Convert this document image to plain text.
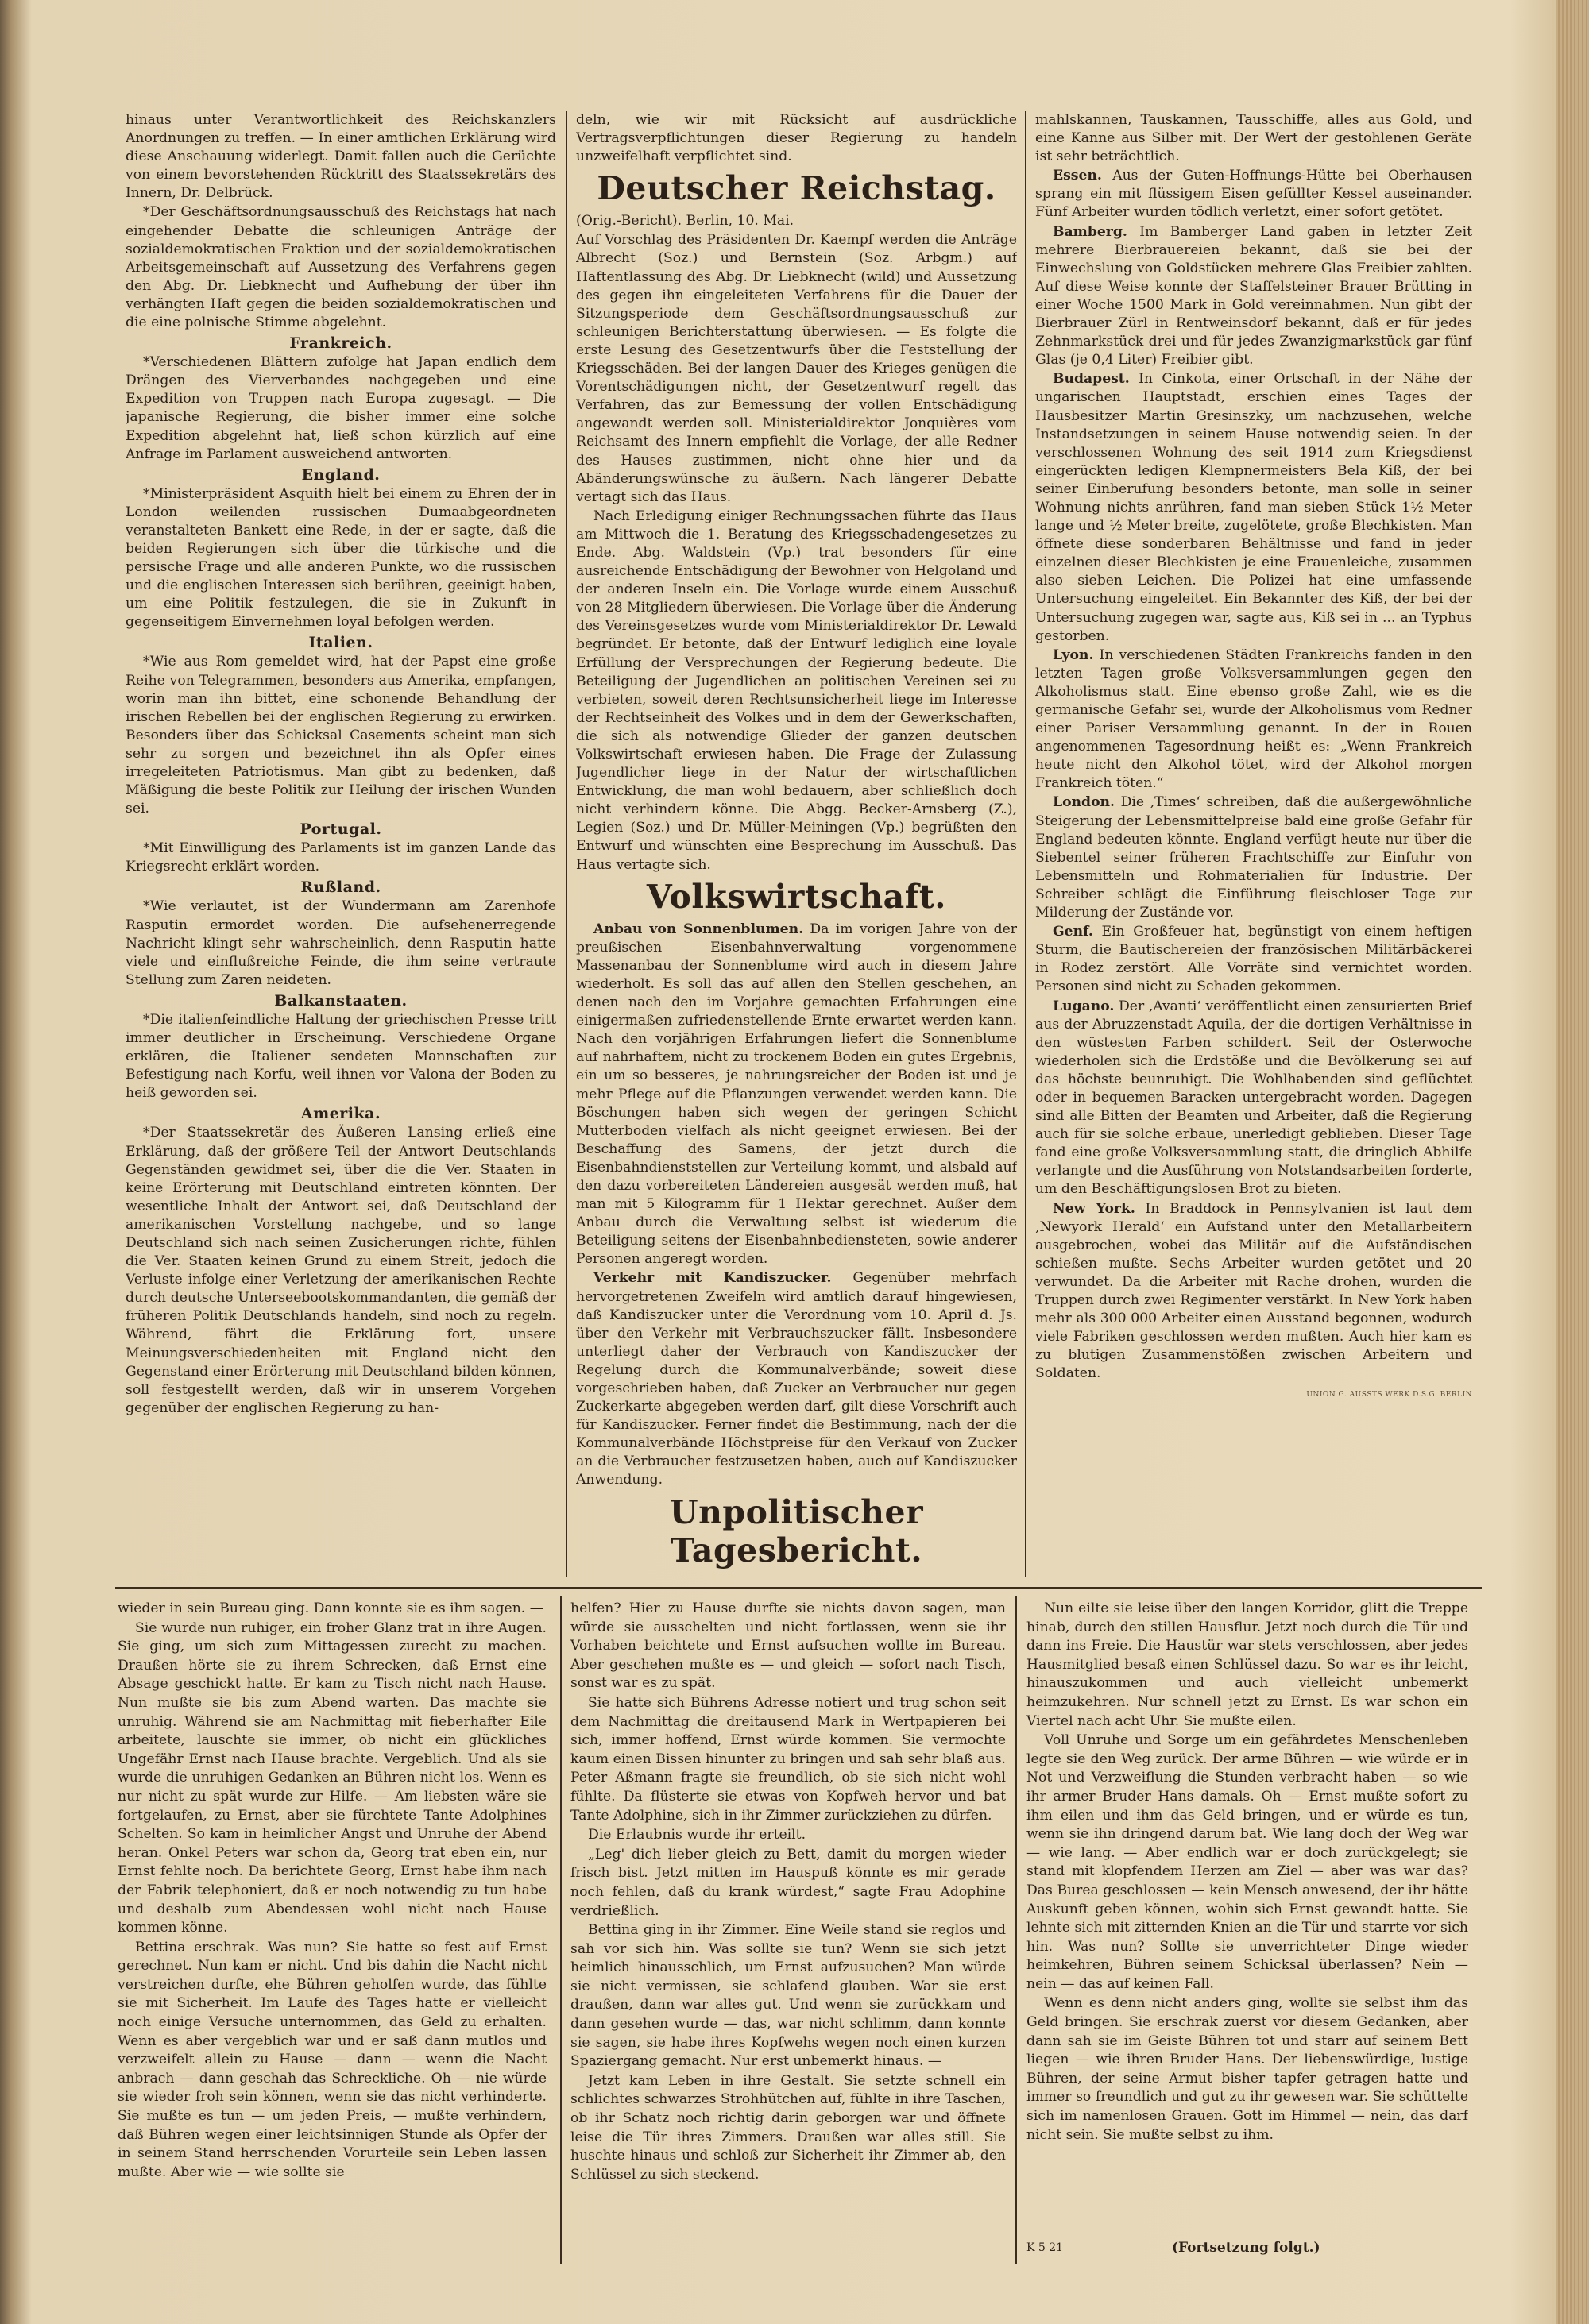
hinaus unter Verantwortlichkeit des Reichskanzlers Anordnungen zu treffen. — In einer amtlichen Erklärung wird diese Anschauung widerlegt. Damit fallen auch die Gerüchte von einem bevorstehenden Rücktritt des Staatssekretärs des Innern, Dr. Delbrück.

*Der Geschäftsordnungsausschuß des Reichstags hat nach eingehender Debatte die schleunigen Anträge der sozialdemokratischen Fraktion und der sozialdemokratischen Arbeitsgemeinschaft auf Aussetzung des Verfahrens gegen den Abg. Dr. Liebknecht und Aufhebung der über ihn verhängten Haft gegen die beiden sozialdemokratischen und die eine polnische Stimme abgelehnt.

Frankreich.

*Verschiedenen Blättern zufolge hat Japan endlich dem Drängen des Vierverbandes nachgegeben und eine Expedition von Truppen nach Europa zugesagt. — Die japanische Regierung, die bisher immer eine solche Expedition abgelehnt hat, ließ schon kürzlich auf eine Anfrage im Parlament ausweichend antworten.

England.

*Ministerpräsident Asquith hielt bei einem zu Ehren der in London weilenden russischen Dumaabgeordneten veranstalteten Bankett eine Rede, in der er sagte, daß die beiden Regierungen sich über die türkische und die persische Frage und alle anderen Punkte, wo die russischen und die englischen Interessen sich berühren, geeinigt haben, um eine Politik festzulegen, die sie in Zukunft in gegenseitigem Einvernehmen loyal befolgen werden.

Italien.

*Wie aus Rom gemeldet wird, hat der Papst eine große Reihe von Telegrammen, besonders aus Amerika, empfangen, worin man ihn bittet, eine schonende Behandlung der irischen Rebellen bei der englischen Regierung zu erwirken. Besonders über das Schicksal Casements scheint man sich sehr zu sorgen und bezeichnet ihn als Opfer eines irregeleiteten Patriotismus. Man gibt zu bedenken, daß Mäßigung die beste Politik zur Heilung der irischen Wunden sei.

Portugal.

*Mit Einwilligung des Parlaments ist im ganzen Lande das Kriegsrecht erklärt worden.

Rußland.

*Wie verlautet, ist der Wundermann am Zarenhofe Rasputin ermordet worden. Die aufsehenerregende Nachricht klingt sehr wahrscheinlich, denn Rasputin hatte viele und einflußreiche Feinde, die ihm seine vertraute Stellung zum Zaren neideten.

Balkanstaaten.

*Die italienfeindliche Haltung der griechischen Presse tritt immer deutlicher in Erscheinung. Verschiedene Organe erklären, die Italiener sendeten Mannschaften zur Befestigung nach Korfu, weil ihnen vor Valona der Boden zu heiß geworden sei.

Amerika.

*Der Staatssekretär des Äußeren Lansing erließ eine Erklärung, daß der größere Teil der Antwort Deutschlands Gegenständen gewidmet sei, über die die Ver. Staaten in keine Erörterung mit Deutschland eintreten könnten. Der wesentliche Inhalt der Antwort sei, daß Deutschland der amerikanischen Vorstellung nachgebe, und so lange Deutschland sich nach seinen Zusicherungen richte, fühlen die Ver. Staaten keinen Grund zu einem Streit, jedoch die Verluste infolge einer Verletzung der amerikanischen Rechte durch deutsche Unterseebootskommandanten, die gemäß der früheren Politik Deutschlands handeln, sind noch zu regeln. Während, fährt die Erklärung fort, unsere Meinungsverschiedenheiten mit England nicht den Gegenstand einer Erörterung mit Deutschland bilden können, soll festgestellt werden, daß wir in unserem Vorgehen gegenüber der englischen Regierung zu han-

deln, wie wir mit Rücksicht auf ausdrückliche Vertragsverpflichtungen dieser Regierung zu handeln unzweifelhaft verpflichtet sind.

Deutscher Reichstag.

(Orig.-Bericht). Berlin, 10. Mai.

Auf Vorschlag des Präsidenten Dr. Kaempf werden die Anträge Albrecht (Soz.) und Bernstein (Soz. Arbgm.) auf Haftentlassung des Abg. Dr. Liebknecht (wild) und Aussetzung des gegen ihn eingeleiteten Verfahrens für die Dauer der Sitzungsperiode dem Geschäftsordnungsausschuß zur schleunigen Berichterstattung überwiesen. — Es folgte die erste Lesung des Gesetzentwurfs über die Feststellung der Kriegsschäden. Bei der langen Dauer des Krieges genügen die Vorentschädigungen nicht, der Gesetzentwurf regelt das Verfahren, das zur Bemessung der vollen Entschädigung angewandt werden soll. Ministerialdirektor Jonquières vom Reichsamt des Innern empfiehlt die Vorlage, der alle Redner des Hauses zustimmen, nicht ohne hier und da Abänderungswünsche zu äußern. Nach längerer Debatte vertagt sich das Haus.

Nach Erledigung einiger Rechnungssachen führte das Haus am Mittwoch die 1. Beratung des Kriegsschadengesetzes zu Ende. Abg. Waldstein (Vp.) trat besonders für eine ausreichende Entschädigung der Bewohner von Helgoland und der anderen Inseln ein. Die Vorlage wurde einem Ausschuß von 28 Mitgliedern überwiesen. Die Vorlage über die Änderung des Vereinsgesetzes wurde vom Ministerialdirektor Dr. Lewald begründet. Er betonte, daß der Entwurf lediglich eine loyale Erfüllung der Versprechungen der Regierung bedeute. Die Beteiligung der Jugendlichen an politischen Vereinen sei zu verbieten, soweit deren Rechtsunsicherheit liege im Interesse der Rechtseinheit des Volkes und in dem der Gewerkschaften, die sich als notwendige Glieder der ganzen deutschen Volkswirtschaft erwiesen haben. Die Frage der Zulassung Jugendlicher liege in der Natur der wirtschaftlichen Entwicklung, die man wohl bedauern, aber schließlich doch nicht verhindern könne. Die Abgg. Becker-Arnsberg (Z.), Legien (Soz.) und Dr. Müller-Meiningen (Vp.) begrüßten den Entwurf und wünschten eine Besprechung im Ausschuß. Das Haus vertagte sich.

Volkswirtschaft.

Anbau von Sonnenblumen. Da im vorigen Jahre von der preußischen Eisenbahnverwaltung vorgenommene Massenanbau der Sonnenblume wird auch in diesem Jahre wiederholt. Es soll das auf allen den Stellen geschehen, an denen nach den im Vorjahre gemachten Erfahrungen eine einigermaßen zufriedenstellende Ernte erwartet werden kann. Nach den vorjährigen Erfahrungen liefert die Sonnenblume auf nahrhaftem, nicht zu trockenem Boden ein gutes Ergebnis, ein um so besseres, je nahrungsreicher der Boden ist und je mehr Pflege auf die Pflanzungen verwendet werden kann. Die Böschungen haben sich wegen der geringen Schicht Mutterboden vielfach als nicht geeignet erwiesen. Bei der Beschaffung des Samens, der jetzt durch die Eisenbahndienststellen zur Verteilung kommt, und alsbald auf den dazu vorbereiteten Ländereien ausgesät werden muß, hat man mit 5 Kilogramm für 1 Hektar gerechnet. Außer dem Anbau durch die Verwaltung selbst ist wiederum die Beteiligung seitens der Eisenbahnbediensteten, sowie anderer Personen angeregt worden.

Verkehr mit Kandiszucker. Gegenüber mehrfach hervorgetretenen Zweifeln wird amtlich darauf hingewiesen, daß Kandiszucker unter die Verordnung vom 10. April d. Js. über den Verkehr mit Verbrauchszucker fällt. Insbesondere unterliegt daher der Verbrauch von Kandiszucker der Regelung durch die Kommunalverbände; soweit diese vorgeschrieben haben, daß Zucker an Verbraucher nur gegen Zuckerkarte abgegeben werden darf, gilt diese Vorschrift auch für Kandiszucker. Ferner findet die Bestimmung, nach der die Kommunalverbände Höchstpreise für den Verkauf von Zucker an die Verbraucher festzusetzen haben, auch auf Kandiszucker Anwendung.

Unpolitischer Tagesbericht.

mahlskannen, Tauskannen, Tausschiffe, alles aus Gold, und eine Kanne aus Silber mit. Der Wert der gestohlenen Geräte ist sehr beträchtlich.

Essen. Aus der Guten-Hoffnungs-Hütte bei Oberhausen sprang ein mit flüssigem Eisen gefüllter Kessel auseinander. Fünf Arbeiter wurden tödlich verletzt, einer sofort getötet.

Bamberg. Im Bamberger Land gaben in letzter Zeit mehrere Bierbrauereien bekannt, daß sie bei der Einwechslung von Goldstücken mehrere Glas Freibier zahlten. Auf diese Weise konnte der Staffelsteiner Brauer Brütting in einer Woche 1500 Mark in Gold vereinnahmen. Nun gibt der Bierbrauer Zürl in Rentweinsdorf bekannt, daß er für jedes Zehnmarkstück drei und für jedes Zwanzigmarkstück gar fünf Glas (je 0,4 Liter) Freibier gibt.

Budapest. In Cinkota, einer Ortschaft in der Nähe der ungarischen Hauptstadt, erschien eines Tages der Hausbesitzer Martin Gresinszky, um nachzusehen, welche Instandsetzungen in seinem Hause notwendig seien. In der verschlossenen Wohnung des seit 1914 zum Kriegsdienst eingerückten ledigen Klempnermeisters Bela Kiß, der bei seiner Einberufung besonders betonte, man solle in seiner Wohnung nichts anrühren, fand man sieben Stück 1½ Meter lange und ½ Meter breite, zugelötete, große Blechkisten. Man öffnete diese sonderbaren Behältnisse und fand in jeder einzelnen dieser Blechkisten je eine Frauenleiche, zusammen also sieben Leichen. Die Polizei hat eine umfassende Untersuchung eingeleitet. Ein Bekannter des Kiß, der bei der Untersuchung zugegen war, sagte aus, Kiß sei in ... an Typhus gestorben.

Lyon. In verschiedenen Städten Frankreichs fanden in den letzten Tagen große Volksversammlungen gegen den Alkoholismus statt. Eine ebenso große Zahl, wie es die germanische Gefahr sei, wurde der Alkoholismus vom Redner einer Pariser Versammlung genannt. In der in Rouen angenommenen Tagesordnung heißt es: „Wenn Frankreich heute nicht den Alkohol tötet, wird der Alkohol morgen Frankreich töten.“

London. Die ‚Times‘ schreiben, daß die außergewöhnliche Steigerung der Lebensmittelpreise bald eine große Gefahr für England bedeuten könnte. England verfügt heute nur über die Siebentel seiner früheren Frachtschiffe zur Einfuhr von Lebensmitteln und Rohmaterialien für Industrie. Der Schreiber schlägt die Einführung fleischloser Tage zur Milderung der Zustände vor.

Genf. Ein Großfeuer hat, begünstigt von einem heftigen Sturm, die Bautischereien der französischen Militärbäckerei in Rodez zerstört. Alle Vorräte sind vernichtet worden. Personen sind nicht zu Schaden gekommen.

Lugano. Der ‚Avanti‘ veröffentlicht einen zensurierten Brief aus der Abruzzenstadt Aquila, der die dortigen Verhältnisse in den wüstesten Farben schildert. Seit der Osterwoche wiederholen sich die Erdstöße und die Bevölkerung sei auf das höchste beunruhigt. Die Wohlhabenden sind geflüchtet oder in bequemen Baracken untergebracht worden. Dagegen sind alle Bitten der Beamten und Arbeiter, daß die Regierung auch für sie solche erbaue, unerledigt geblieben. Dieser Tage fand eine große Volksversammlung statt, die dringlich Abhilfe verlangte und die Ausführung von Notstandsarbeiten forderte, um den Beschäftigungslosen Brot zu bieten.

New York. In Braddock in Pennsylvanien ist laut dem ‚Newyork Herald‘ ein Aufstand unter den Metallarbeitern ausgebrochen, wobei das Militär auf die Aufständischen schießen mußte. Sechs Arbeiter wurden getötet und 20 verwundet. Da die Arbeiter mit Rache drohen, wurden die Truppen durch zwei Regimenter verstärkt. In New York haben mehr als 300 000 Arbeiter einen Ausstand begonnen, wodurch viele Fabriken geschlossen werden mußten. Auch hier kam es zu blutigen Zusammenstößen zwischen Arbeitern und Soldaten.

UNION G. AUSSTS WERK D.S.G. BERLIN

wieder in sein Bureau ging. Dann konnte sie es ihm sagen. —

Sie wurde nun ruhiger, ein froher Glanz trat in ihre Augen. Sie ging, um sich zum Mittagessen zurecht zu machen. Draußen hörte sie zu ihrem Schrecken, daß Ernst eine Absage geschickt hatte. Er kam zu Tisch nicht nach Hause. Nun mußte sie bis zum Abend warten. Das machte sie unruhig. Während sie am Nachmittag mit fieberhafter Eile arbeitete, lauschte sie immer, ob nicht ein glückliches Ungefähr Ernst nach Hause brachte. Vergeblich. Und als sie wurde die unruhigen Gedanken an Bühren nicht los. Wenn es nur nicht zu spät wurde zur Hilfe. — Am liebsten wäre sie fortgelaufen, zu Ernst, aber sie fürchtete Tante Adolphines Schelten. So kam in heimlicher Angst und Unruhe der Abend heran. Onkel Peters war schon da, Georg trat eben ein, nur Ernst fehlte noch. Da berichtete Georg, Ernst habe ihm nach der Fabrik telephoniert, daß er noch notwendig zu tun habe und deshalb zum Abendessen wohl nicht nach Hause kommen könne.

Bettina erschrak. Was nun? Sie hatte so fest auf Ernst gerechnet. Nun kam er nicht. Und bis dahin die Nacht nicht verstreichen durfte, ehe Bühren geholfen wurde, das fühlte sie mit Sicherheit. Im Laufe des Tages hatte er vielleicht noch einige Versuche unternommen, das Geld zu erhalten. Wenn es aber vergeblich war und er saß dann mutlos und verzweifelt allein zu Hause — dann — wenn die Nacht anbrach — dann geschah das Schreckliche. Oh — nie würde sie wieder froh sein können, wenn sie das nicht verhinderte. Sie mußte es tun — um jeden Preis, — mußte verhindern, daß Bühren wegen einer leichtsinnigen Stunde als Opfer der in seinem Stand herrschenden Vorurteile sein Leben lassen mußte. Aber wie — wie sollte sie

helfen? Hier zu Hause durfte sie nichts davon sagen, man würde sie ausschelten und nicht fortlassen, wenn sie ihr Vorhaben beichtete und Ernst aufsuchen wollte im Bureau. Aber geschehen mußte es — und gleich — sofort nach Tisch, sonst war es zu spät.

Sie hatte sich Bührens Adresse notiert und trug schon seit dem Nachmittag die dreitausend Mark in Wertpapieren bei sich, immer hoffend, Ernst würde kommen. Sie vermochte kaum einen Bissen hinunter zu bringen und sah sehr blaß aus. Peter Aßmann fragte sie freundlich, ob sie sich nicht wohl fühlte. Da flüsterte sie etwas von Kopfweh hervor und bat Tante Adolphine, sich in ihr Zimmer zurückziehen zu dürfen.

Die Erlaubnis wurde ihr erteilt.

„Leg' dich lieber gleich zu Bett, damit du morgen wieder frisch bist. Jetzt mitten im Hauspuß könnte es mir gerade noch fehlen, daß du krank würdest,“ sagte Frau Adophine verdrießlich.

Bettina ging in ihr Zimmer. Eine Weile stand sie reglos und sah vor sich hin. Was sollte sie tun? Wenn sie sich jetzt heimlich hinausschlich, um Ernst aufzusuchen? Man würde sie nicht vermissen, sie schlafend glauben. War sie erst draußen, dann war alles gut. Und wenn sie zurückkam und dann gesehen wurde — das, war nicht schlimm, dann konnte sie sagen, sie habe ihres Kopfwehs wegen noch einen kurzen Spaziergang gemacht. Nur erst unbemerkt hinaus. —

Jetzt kam Leben in ihre Gestalt. Sie setzte schnell ein schlichtes schwarzes Strohhütchen auf, fühlte in ihre Taschen, ob ihr Schatz noch richtig darin geborgen war und öffnete leise die Tür ihres Zimmers. Draußen war alles still. Sie huschte hinaus und schloß zur Sicherheit ihr Zimmer ab, den Schlüssel zu sich steckend.

Nun eilte sie leise über den langen Korridor, glitt die Treppe hinab, durch den stillen Hausflur. Jetzt noch durch die Tür und dann ins Freie. Die Haustür war stets verschlossen, aber jedes Hausmitglied besaß einen Schlüssel dazu. So war es ihr leicht, hinauszukommen und auch vielleicht unbemerkt heimzukehren. Nur schnell jetzt zu Ernst. Es war schon ein Viertel nach acht Uhr. Sie mußte eilen.

Voll Unruhe und Sorge um ein gefährdetes Menschenleben legte sie den Weg zurück. Der arme Bühren — wie würde er in Not und Verzweiflung die Stunden verbracht haben — so wie ihr armer Bruder Hans damals. Oh — Ernst mußte sofort zu ihm eilen und ihm das Geld bringen, und er würde es tun, wenn sie ihn dringend darum bat. Wie lang doch der Weg war — wie lang. — Aber endlich war er doch zurückgelegt; sie stand mit klopfendem Herzen am Ziel — aber was war das? Das Burea geschlossen — kein Mensch anwesend, der ihr hätte Auskunft geben können, wohin sich Ernst gewandt hatte. Sie lehnte sich mit zitternden Knien an die Tür und starrte vor sich hin. Was nun? Sollte sie unverrichteter Dinge wieder heimkehren, Bühren seinem Schicksal überlassen? Nein — nein — das auf keinen Fall.

Wenn es denn nicht anders ging, wollte sie selbst ihm das Geld bringen. Sie erschrak zuerst vor diesem Gedanken, aber dann sah sie im Geiste Bühren tot und starr auf seinem Bett liegen — wie ihren Bruder Hans. Der liebenswürdige, lustige Bühren, der seine Armut bisher tapfer getragen hatte und immer so freundlich und gut zu ihr gewesen war. Sie schüttelte sich im namenlosen Grauen. Gott im Himmel — nein, das darf nicht sein. Sie mußte selbst zu ihm.

K 5 21	(Fortsetzung folgt.)
